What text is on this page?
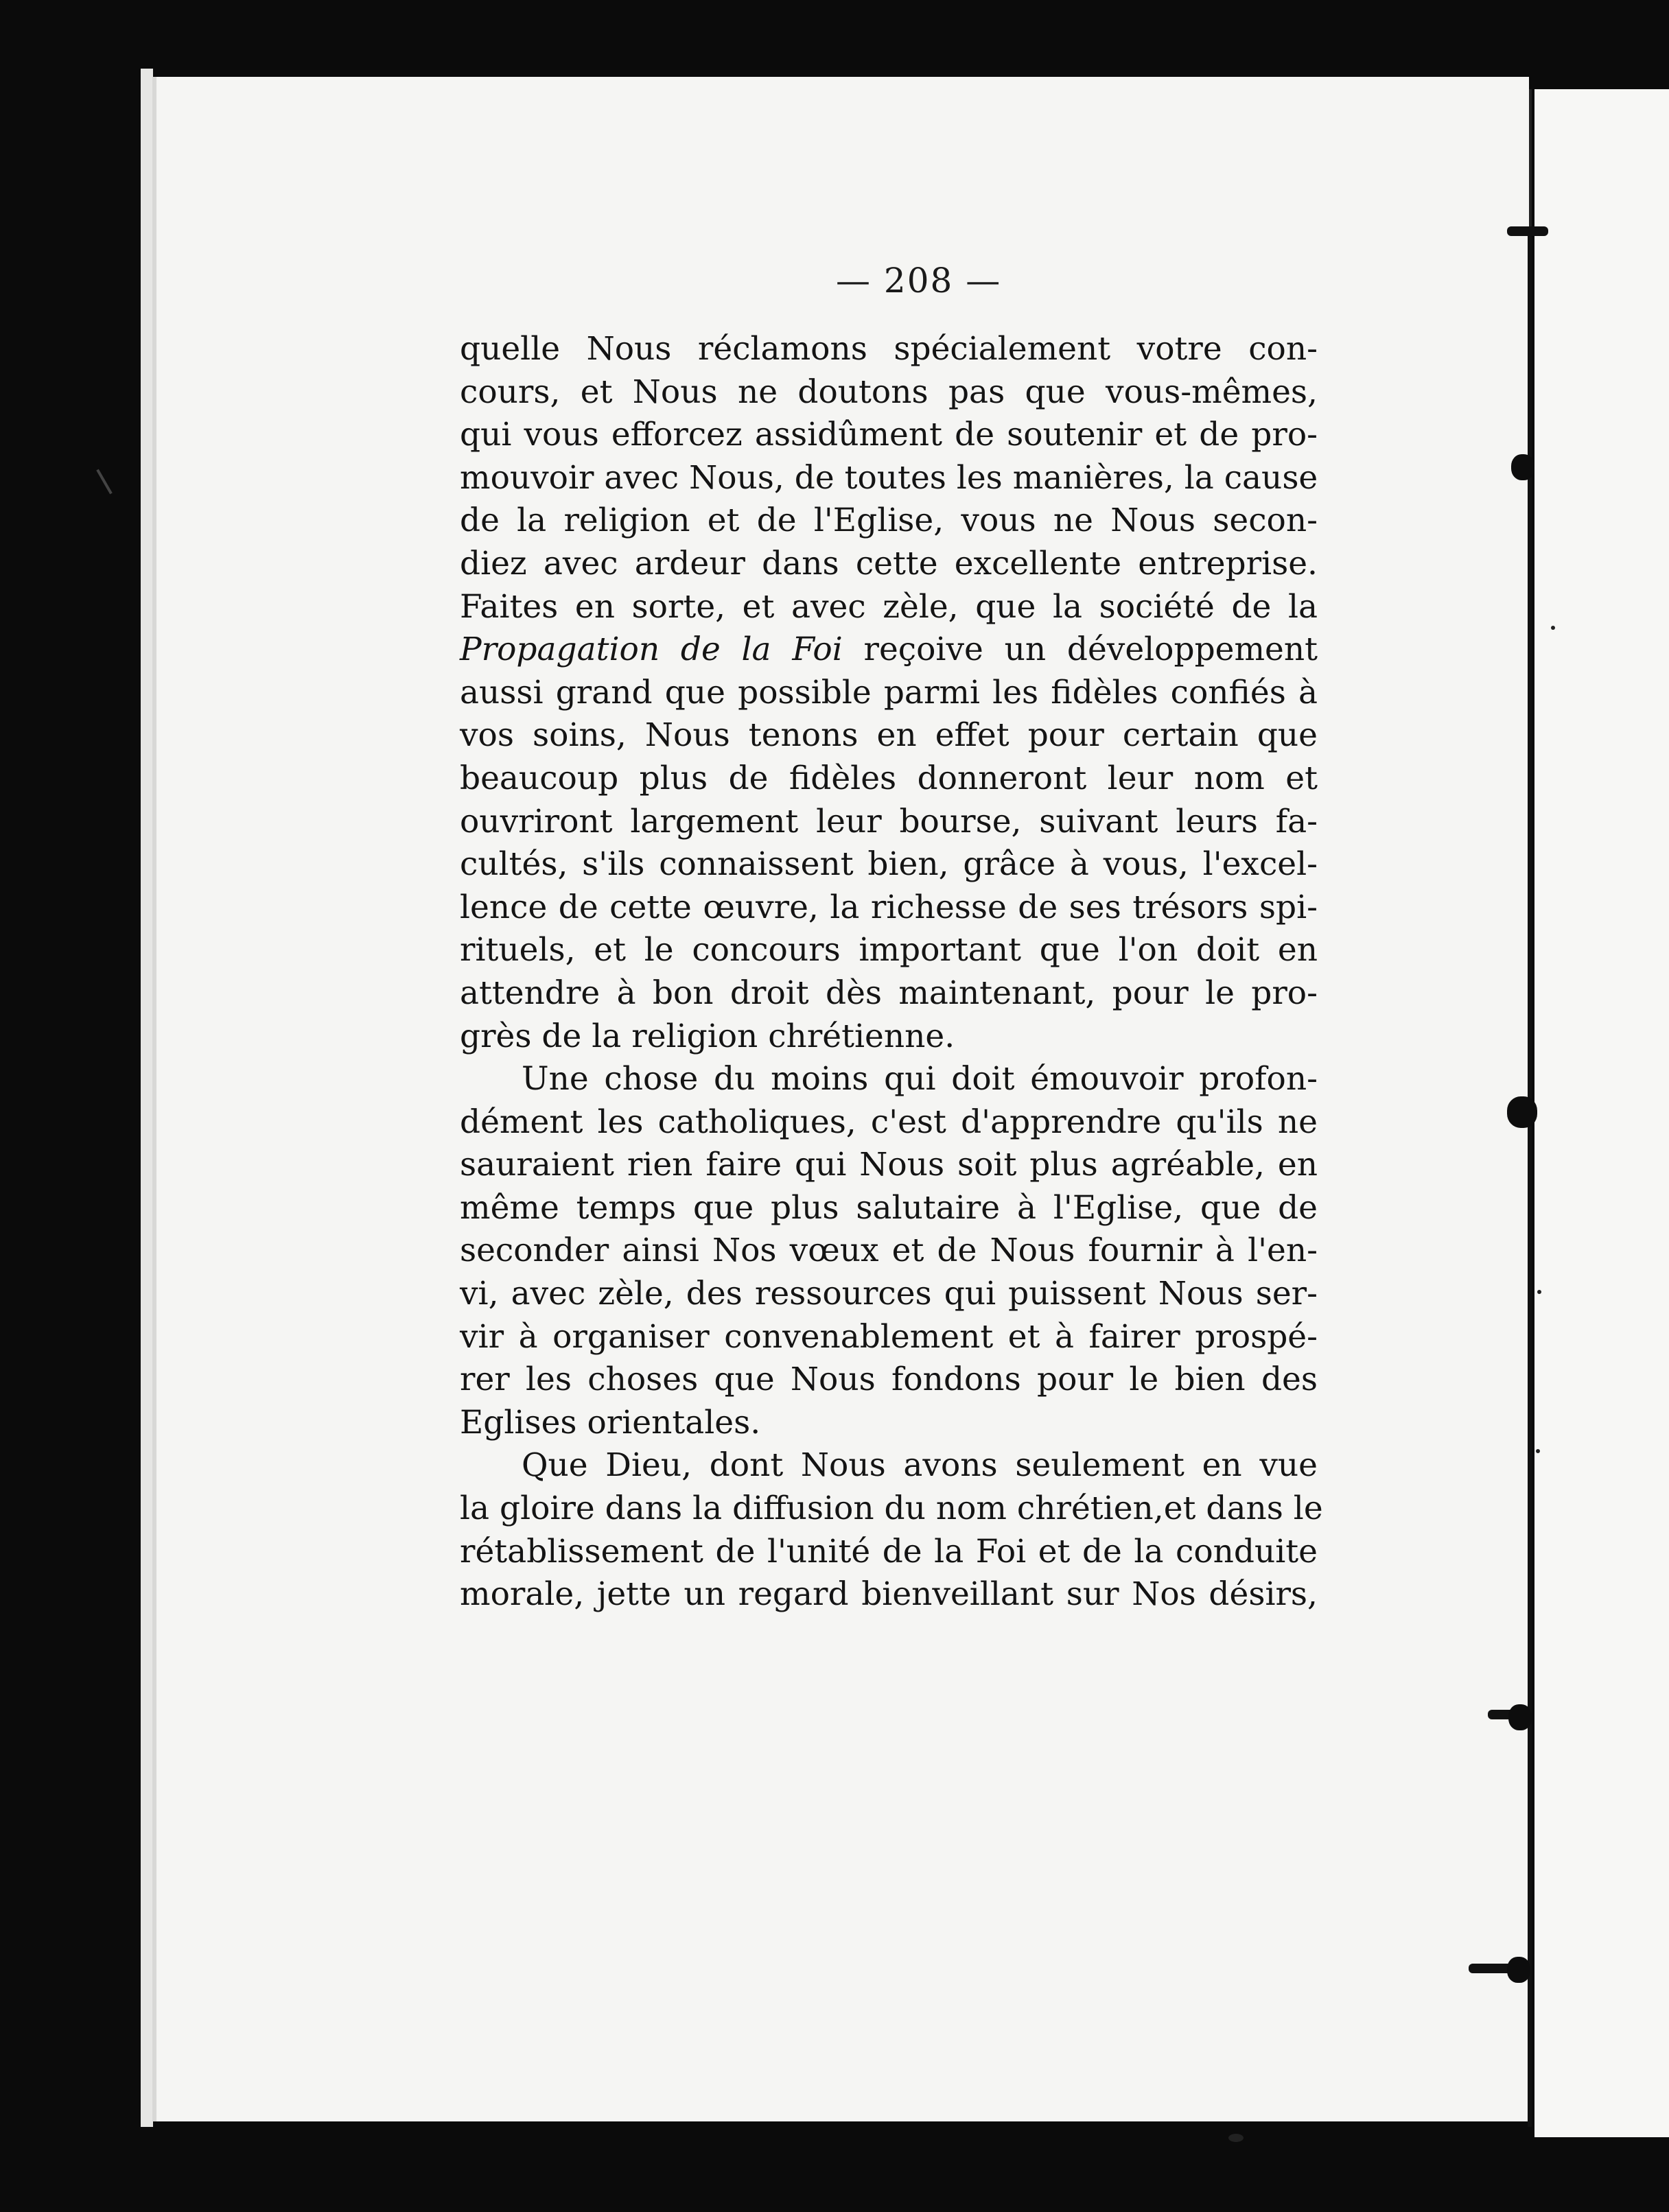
— 208 —
quelle Nous réclamons spécialement votre con-
cours, et Nous ne doutons pas que vous-mêmes,
qui vous efforcez assidûment de soutenir et de pro-
mouvoir avec Nous, de toutes les manières, la cause
de la religion et de l'Eglise, vous ne Nous secon-
diez avec ardeur dans cette excellente entreprise.
Faites en sorte, et avec zèle, que la société de la
Propagation de la Foi reçoive un développement
aussi grand que possible parmi les fidèles confiés à
vos soins, Nous tenons en effet pour certain que
beaucoup plus de fidèles donneront leur nom et
ouvriront largement leur bourse, suivant leurs fa-
cultés, s'ils connaissent bien, grâce à vous, l'excel-
lence de cette œuvre, la richesse de ses trésors spi-
rituels, et le concours important que l'on doit en
attendre à bon droit dès maintenant, pour le pro-
grès de la religion chrétienne.
Une chose du moins qui doit émouvoir profon-
dément les catholiques, c'est d'apprendre qu'ils ne
sauraient rien faire qui Nous soit plus agréable, en
même temps que plus salutaire à l'Eglise, que de
seconder ainsi Nos vœux et de Nous fournir à l'en-
vi, avec zèle, des ressources qui puissent Nous ser-
vir à organiser convenablement et à fairer prospé-
rer les choses que Nous fondons pour le bien des
Eglises orientales.
Que Dieu, dont Nous avons seulement en vue
la gloire dans la diffusion du nom chrétien,et dans le
rétablissement de l'unité de la Foi et de la conduite
morale, jette un regard bienveillant sur Nos désirs,
